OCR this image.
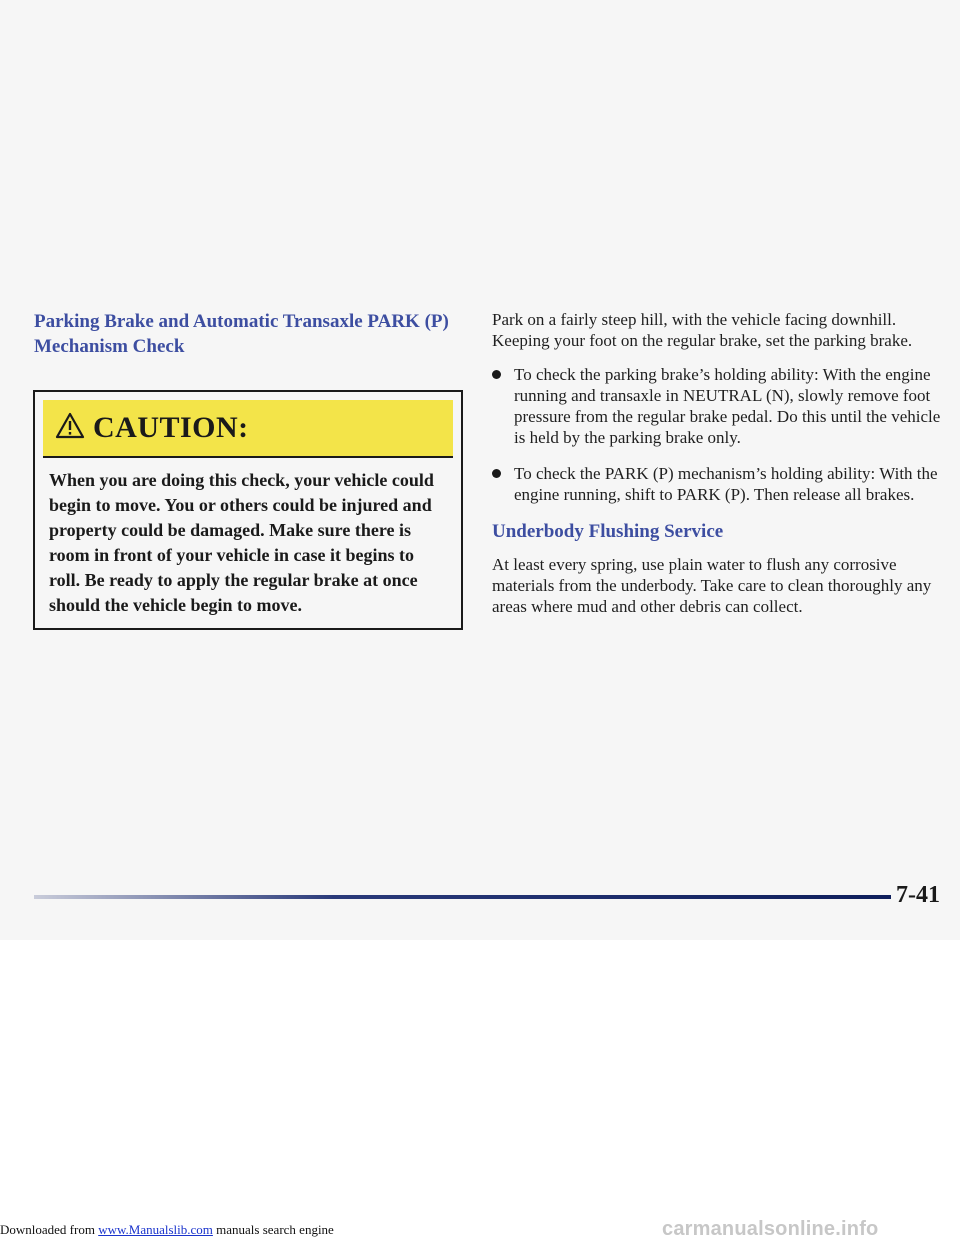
Parking Brake and Automatic Transaxle PARK (P) Mechanism Check
CAUTION:
When you are doing this check, your vehicle could begin to move. You or others could be injured and property could be damaged. Make sure there is room in front of your vehicle in case it begins to roll. Be ready to apply the regular brake at once should the vehicle begin to move.

Park on a fairly steep hill, with the vehicle facing downhill. Keeping your foot on the regular brake, set the parking brake.

To check the parking brake’s holding ability: With the engine running and transaxle in NEUTRAL (N), slowly remove foot pressure from the regular brake pedal. Do this until the vehicle is held by the parking brake only.
To check the PARK (P) mechanism’s holding ability: With the engine running, shift to PARK (P). Then release all brakes.

Underbody Flushing Service

At least every spring, use plain water to flush any corrosive materials from the underbody. Take care to clean thoroughly any areas where mud and other debris can collect.

7-41
Downloaded from www.Manualslib.com manuals search engine	carmanualsonline.info
